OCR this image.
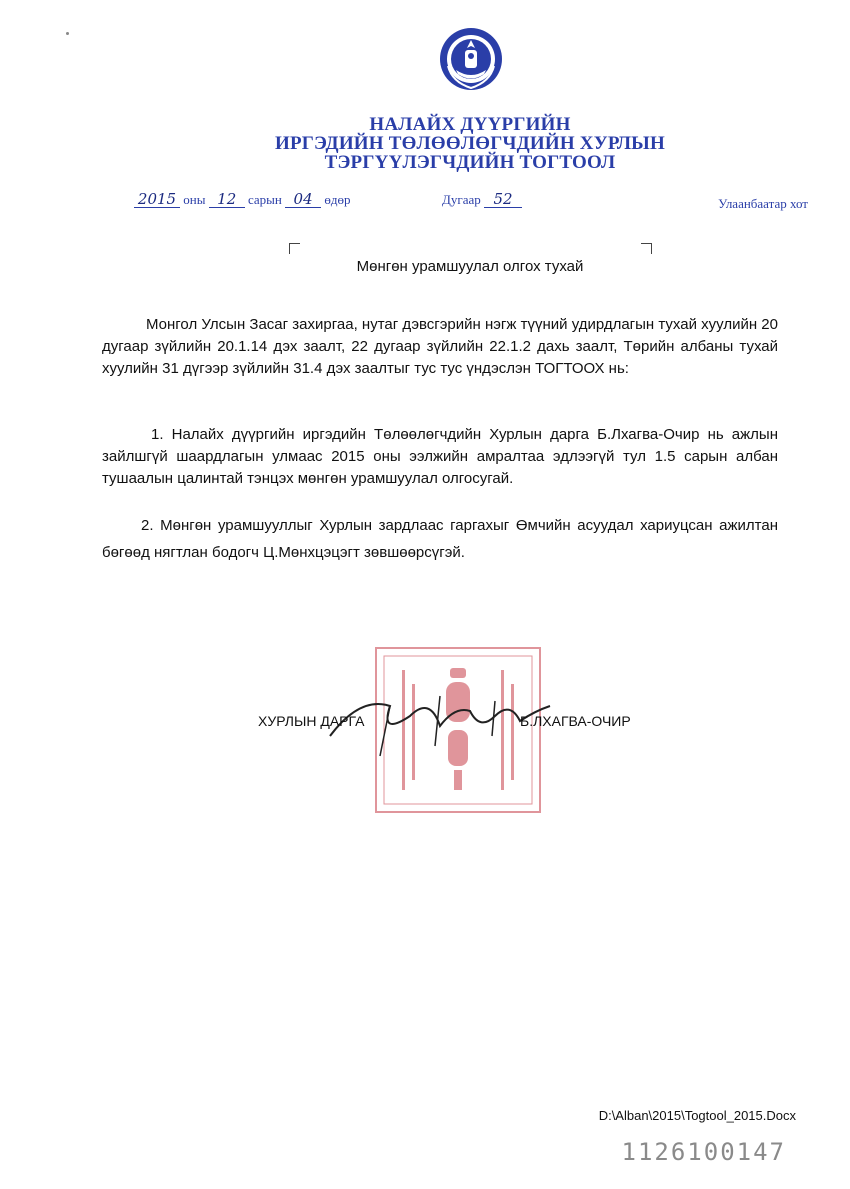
НАЛАЙХ ДҮҮРГИЙН
ИРГЭДИЙН ТӨЛӨӨЛӨГЧДИЙН ХУРЛЫН
ТЭРГҮҮЛЭГЧДИЙН ТОГТООЛ
2015 оны 12 сарын 04 өдөр	Дугаар 52	Улаанбаатар хот
Мөнгөн урамшуулал олгох тухай
Монгол Улсын Засаг захиргаа, нутаг дэвсгэрийн нэгж түүний удирдлагын тухай хуулийн 20 дугаар зүйлийн 20.1.14 дэх заалт, 22 дугаар зүйлийн 22.1.2 дахь заалт, Төрийн албаны тухай хуулийн 31 дүгээр зүйлийн 31.4 дэх заалтыг тус тус үндэслэн ТОГТООХ нь:
1. Налайх дүүргийн иргэдийн Төлөөлөгчдийн Хурлын дарга Б.Лхагва-Очир нь ажлын зайлшгүй шаардлагын улмаас 2015 оны ээлжийн амралтаа эдлээгүй тул 1.5 сарын албан тушаалын цалинтай тэнцэх мөнгөн урамшуулал олгосугай.
2. Мөнгөн урамшууллыг Хурлын зардлаас гаргахыг Өмчийн асуудал хариуцсан ажилтан бөгөөд нягтлан бодогч Ц.Мөнхцэцэгт зөвшөөрсүгэй.
ХУРЛЫН ДАРГА	Б.ЛХАГВА-ОЧИР
D:\Alban\2015\Togtool_2015.Docx
1126100147
